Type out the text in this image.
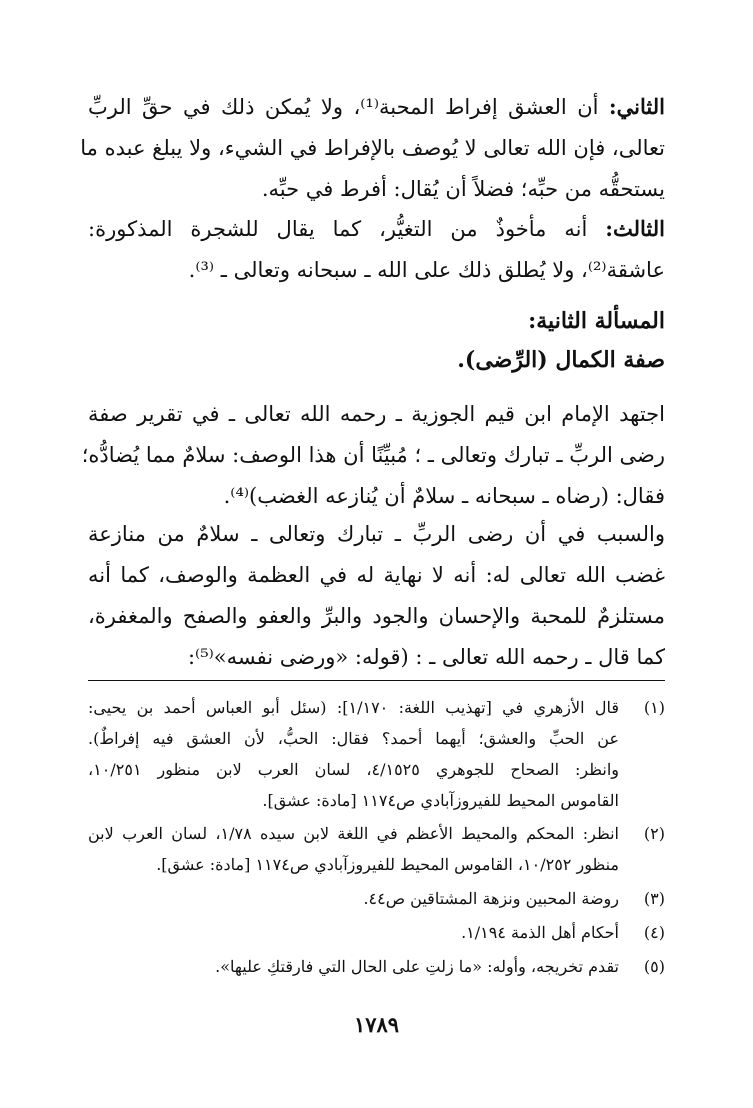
الثاني: أن العشق إفراط المحبة⁽¹⁾، ولا يُمكن ذلك في حقِّ الربِّ
تعالى، فإن الله تعالى لا يُوصف بالإفراط في الشيء، ولا يبلغ عبده ما
يستحقُّه من حبِّه؛ فضلاً أن يُقال: أفرط في حبِّه.
الثالث: أنه مأخوذٌ من التغيُّر، كما يقال للشجرة المذكورة:
عاشقة⁽²⁾، ولا يُطلق ذلك على الله ـ سبحانه وتعالى ـ ⁽³⁾.
المسألة الثانية:
صفة الكمال (الرِّضى).
اجتهد الإمام ابن قيم الجوزية ـ رحمه الله تعالى ـ في تقرير صفة
رضى الربِّ ـ تبارك وتعالى ـ ؛ مُبيِّنًا أن هذا الوصف: سلامٌ مما يُضادُّه؛
فقال: (رضاه ـ سبحانه ـ سلامٌ أن يُنازعه الغضب)⁽⁴⁾.
والسبب في أن رضى الربِّ ـ تبارك وتعالى ـ سلامٌ من منازعة
غضب الله تعالى له: أنه لا نهاية له في العظمة والوصف، كما أنه
مستلزمٌ للمحبة والإحسان والجود والبرِّ والعفو والصفح والمغفرة،
كما قال ـ رحمه الله تعالى ـ : (قوله: «ورضى نفسه»⁽⁵⁾:
(١)
قال الأزهري في [تهذيب اللغة: ١/١٧٠]: (سئل أبو العباس أحمد بن يحيى:
عن الحبِّ والعشق؛ أيهما أحمد؟ فقال: الحبُّ، لأن العشق فيه إفراطٌ).
وانظر: الصحاح للجوهري ٤/١٥٢٥، لسان العرب لابن منظور ١٠/٢٥١،
القاموس المحيط للفيروزآبادي ص١١٧٤ [مادة: عشق].
(٢)
انظر: المحكم والمحيط الأعظم في اللغة لابن سيده ١/٧٨، لسان العرب لابن
منظور ١٠/٢٥٢، القاموس المحيط للفيروزآبادي ص١١٧٤ [مادة: عشق].
(٣)
روضة المحبين ونزهة المشتاقين ص٤٤.
(٤)
أحكام أهل الذمة ١/١٩٤.
(٥)
تقدم تخريجه، وأوله: «ما زلتِ على الحال التي فارقتكِ عليها».
١٧٨٩
